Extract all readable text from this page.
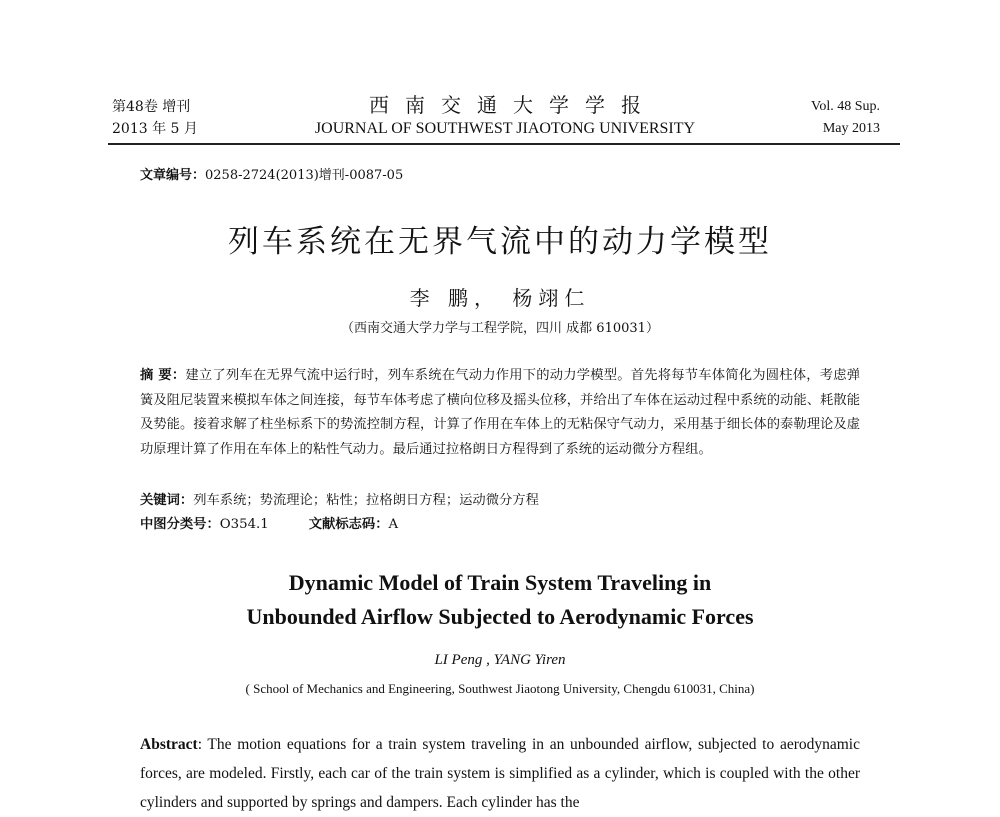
第48卷 增刊
2013 年 5 月
西南交通大学学报
JOURNAL OF SOUTHWEST JIAOTONG UNIVERSITY
Vol. 48 Sup.
May 2013
文章编号：0258-2724(2013)增刊-0087-05
列车系统在无界气流中的动力学模型
李 鹏， 杨翊仁
（西南交通大学力学与工程学院，四川 成都 610031）
摘 要：建立了列车在无界气流中运行时，列车系统在气动力作用下的动力学模型。首先将每节车体简化为圆柱体，考虑弹簧及阻尼装置来模拟车体之间连接，每节车体考虑了横向位移及摇头位移，并给出了车体在运动过程中系统的动能、耗散能及势能。接着求解了柱坐标系下的势流控制方程，计算了作用在车体上的无粘保守气动力，采用基于细长体的泰勒理论及虚功原理计算了作用在车体上的粘性气动力。最后通过拉格朗日方程得到了系统的运动微分方程组。
关键词：列车系统；势流理论；粘性；拉格朗日方程；运动微分方程
中图分类号：O354.1	文献标志码：A
Dynamic Model of Train System Traveling in
Unbounded Airflow Subjected to Aerodynamic Forces
LI Peng , YANG Yiren
( School of Mechanics and Engineering, Southwest Jiaotong University, Chengdu 610031, China)
Abstract: The motion equations for a train system traveling in an unbounded airflow, subjected to aerodynamic forces, are modeled. Firstly, each car of the train system is simplified as a cylinder, which is coupled with the other cylinders and supported by springs and dampers. Each cylinder has the
